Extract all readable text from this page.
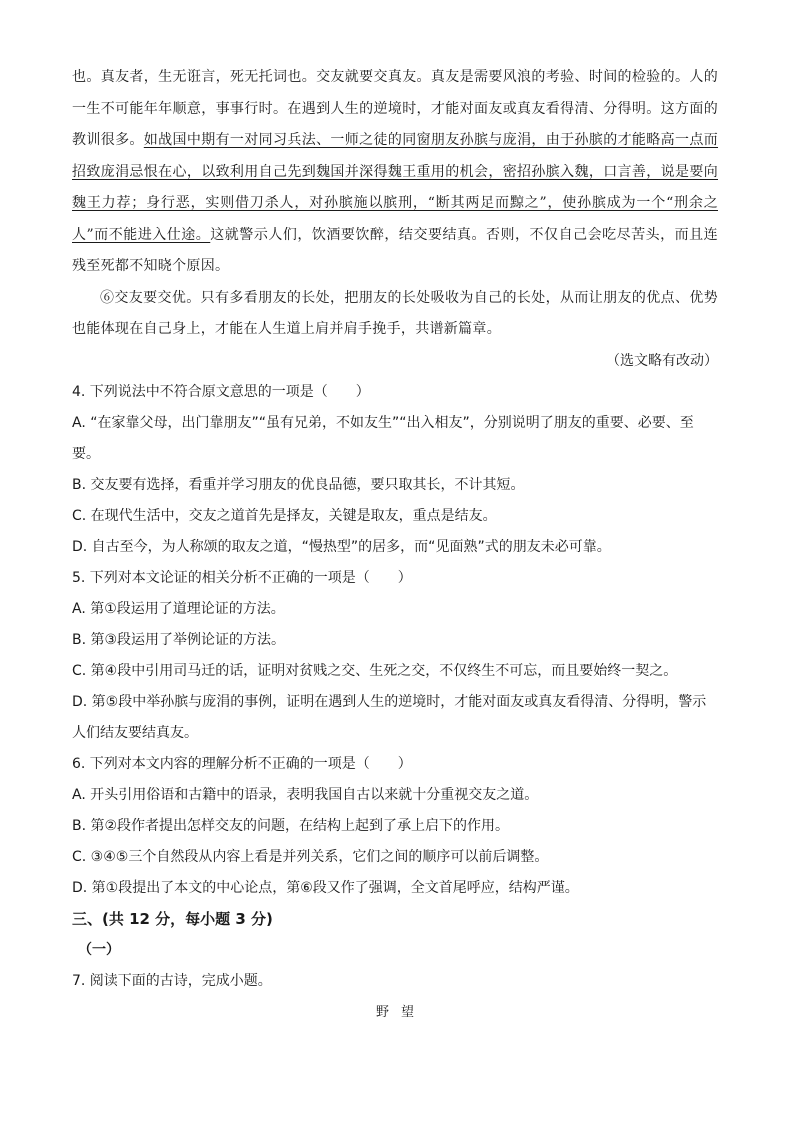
也。真友者，生无诳言，死无托词也。交友就要交真友。真友是需要风浪的考验、时间的检验的。人的一生不可能年年顺意，事事行时。在遇到人生的逆境时，才能对面友或真友看得清、分得明。这方面的教训很多。如战国中期有一对同习兵法、一师之徒的同窗朋友孙膑与庞涓，由于孙膑的才能略高一点而招致庞涓忌恨在心，以致利用自己先到魏国并深得魏王重用的机会，密招孙膑入魏，口言善，说是要向魏王力荐；身行恶，实则借刀杀人，对孙膑施以膑刑，“断其两足而黥之”，使孙膑成为一个“刑余之人”而不能进入仕途。这就警示人们，饮酒要饮醉，结交要结真。否则，不仅自己会吃尽苦头，而且连残至死都不知晓个原因。

⑥交友要交优。只有多看朋友的长处，把朋友的长处吸收为自己的长处，从而让朋友的优点、优势也能体现在自己身上，才能在人生道上肩并肩手挽手，共谱新篇章。

（选文略有改动）

4. 下列说法中不符合原文意思的一项是（　　）

A. “在家靠父母，出门靠朋友”“虽有兄弟，不如友生”“出入相友”，分别说明了朋友的重要、必要、至要。

B. 交友要有选择，看重并学习朋友的优良品德，要只取其长，不计其短。

C. 在现代生活中，交友之道首先是择友，关键是取友，重点是结友。

D. 自古至今，为人称颂的取友之道，“慢热型”的居多，而“见面熟”式的朋友未必可靠。

5. 下列对本文论证的相关分析不正确的一项是（　　）

A. 第①段运用了道理论证的方法。

B. 第③段运用了举例论证的方法。

C. 第④段中引用司马迁的话，证明对贫贱之交、生死之交，不仅终生不可忘，而且要始终一契之。

D. 第⑤段中举孙膑与庞涓的事例，证明在遇到人生的逆境时，才能对面友或真友看得清、分得明，警示人们结友要结真友。

6. 下列对本文内容的理解分析不正确的一项是（　　）

A. 开头引用俗语和古籍中的语录，表明我国自古以来就十分重视交友之道。

B. 第②段作者提出怎样交友的问题，在结构上起到了承上启下的作用。

C. ③④⑤三个自然段从内容上看是并列关系，它们之间的顺序可以前后调整。

D. 第①段提出了本文的中心论点，第⑥段又作了强调，全文首尾呼应，结构严谨。

三、(共 12 分，每小题 3 分)

（一）

7. 阅读下面的古诗，完成小题。

野望
